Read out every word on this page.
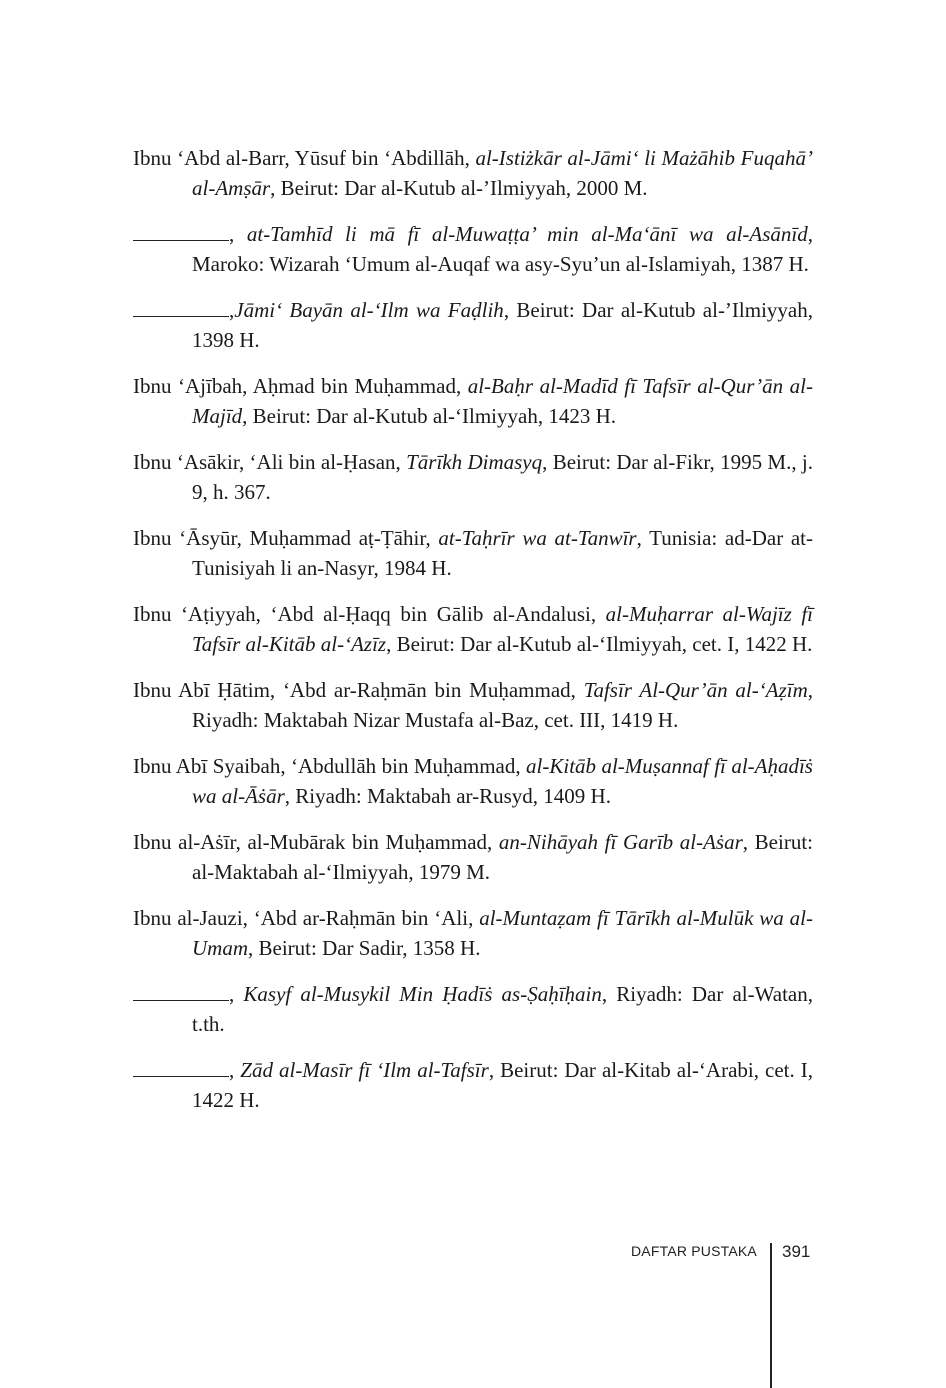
Ibnu ‘Abd al-Barr, Yūsuf bin ‘Abdillāh, al-Istiżkār al-Jāmi‘ li Mażāhib Fuqahā’ al-Amṣār, Beirut: Dar al-Kutub al-’Ilmiyyah, 2000 M.

, at-Tamhīd li mā fī al-Muwaṭṭa’ min al-Ma‘ānī wa al-Asānīd, Maroko: Wizarah ‘Umum al-Auqaf wa asy-Syu’un al-Islamiyah, 1387 H.

,Jāmi‘ Bayān al-‘Ilm wa Faḍlih, Beirut: Dar al-Kutub al-’Ilmiyyah, 1398 H.

Ibnu ‘Ajībah, Aḥmad bin Muḥammad, al-Baḥr al-Madīd fī Tafsīr al-Qur’ān al-Majīd, Beirut: Dar al-Kutub al-‘Ilmiyyah, 1423 H.

Ibnu ‘Asākir, ‘Ali bin al-Ḥasan, Tārīkh Dimasyq, Beirut: Dar al-Fikr, 1995 M., j. 9, h. 367.

Ibnu ‘Āsyūr, Muḥammad aṭ-Ṭāhir, at-Taḥrīr wa at-Tanwīr, Tunisia: ad-Dar at-Tunisiyah li an-Nasyr, 1984 H.

Ibnu ‘Aṭiyyah, ‘Abd al-Ḥaqq bin Gālib al-Andalusi, al-Muḥarrar al-Wajīz fī Tafsīr al-Kitāb al-‘Azīz, Beirut: Dar al-Kutub al-‘Ilmiyyah, cet. I, 1422 H.

Ibnu Abī Ḥātim, ‘Abd ar-Raḥmān bin Muḥammad, Tafsīr Al-Qur’ān al-‘Aẓīm, Riyadh: Maktabah Nizar Mustafa al-Baz, cet. III, 1419 H.

Ibnu Abī Syaibah, ‘Abdullāh bin Muḥammad, al-Kitāb al-Muṣannaf fī al-Aḥadīṡ wa al-Āṡār, Riyadh: Maktabah ar-Rusyd, 1409 H.

Ibnu al-Aṡīr, al-Mubārak bin Muḥammad, an-Nihāyah fī Garīb al-Aṡar, Beirut: al-Maktabah al-‘Ilmiyyah, 1979 M.

Ibnu al-Jauzi, ‘Abd ar-Raḥmān bin ‘Ali, al-Muntaẓam fī Tārīkh al-Mulūk wa al-Umam, Beirut: Dar Sadir, 1358 H.

, Kasyf al-Musykil Min Ḥadīṡ as-Ṣaḥīḥain, Riyadh: Dar al-Watan, t.th.

, Zād al-Masīr fī ‘Ilm al-Tafsīr, Beirut: Dar al-Kitab al-‘Arabi, cet. I, 1422 H.

DAFTAR PUSTAKA 391
